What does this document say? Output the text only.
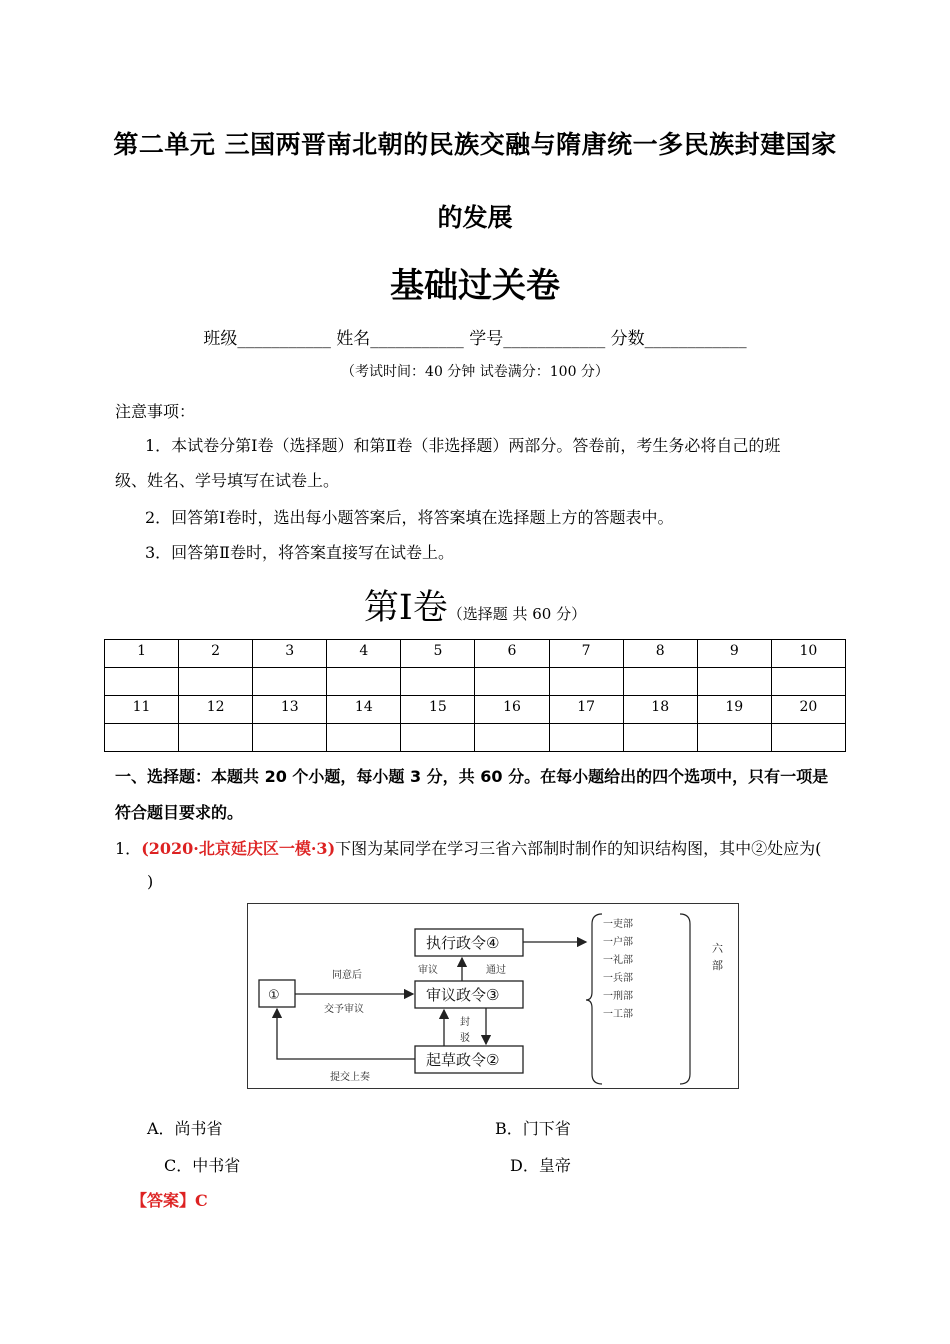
第二单元 三国两晋南北朝的民族交融与隋唐统一多民族封建国家
的发展
基础过关卷
班级___________ 姓名___________ 学号____________ 分数____________
（考试时间：40 分钟 试卷满分：100 分）
注意事项：
1．本试卷分第Ⅰ卷（选择题）和第Ⅱ卷（非选择题）两部分。答卷前，考生务必将自己的班
级、姓名、学号填写在试卷上。
2．回答第Ⅰ卷时，选出每小题答案后，将答案填在选择题上方的答题表中。
3．回答第Ⅱ卷时，将答案直接写在试卷上。
第Ⅰ卷（选择题 共 60 分）
1	2	3	4	5	6	7	8	9	10

11	12	13	14	15	16	17	18	19	20

一、选择题：本题共 20 个小题，每小题 3 分，共 60 分。在每小题给出的四个选项中，只有一项是
符合题目要求的。
1．(2020·北京延庆区一模·3)下图为某同学在学习三省六部制时制作的知识结构图，其中②处应为(
)
执行政令④
审议政令③
起草政令②
①
同意后
交予审议
提交上奏
审议	通过
封
驳
一吏部
一户部
一礼部
一兵部
一刑部
一工部
六
部
A．尚书省	B．门下省
C．中书省	D．皇帝
【答案】C
